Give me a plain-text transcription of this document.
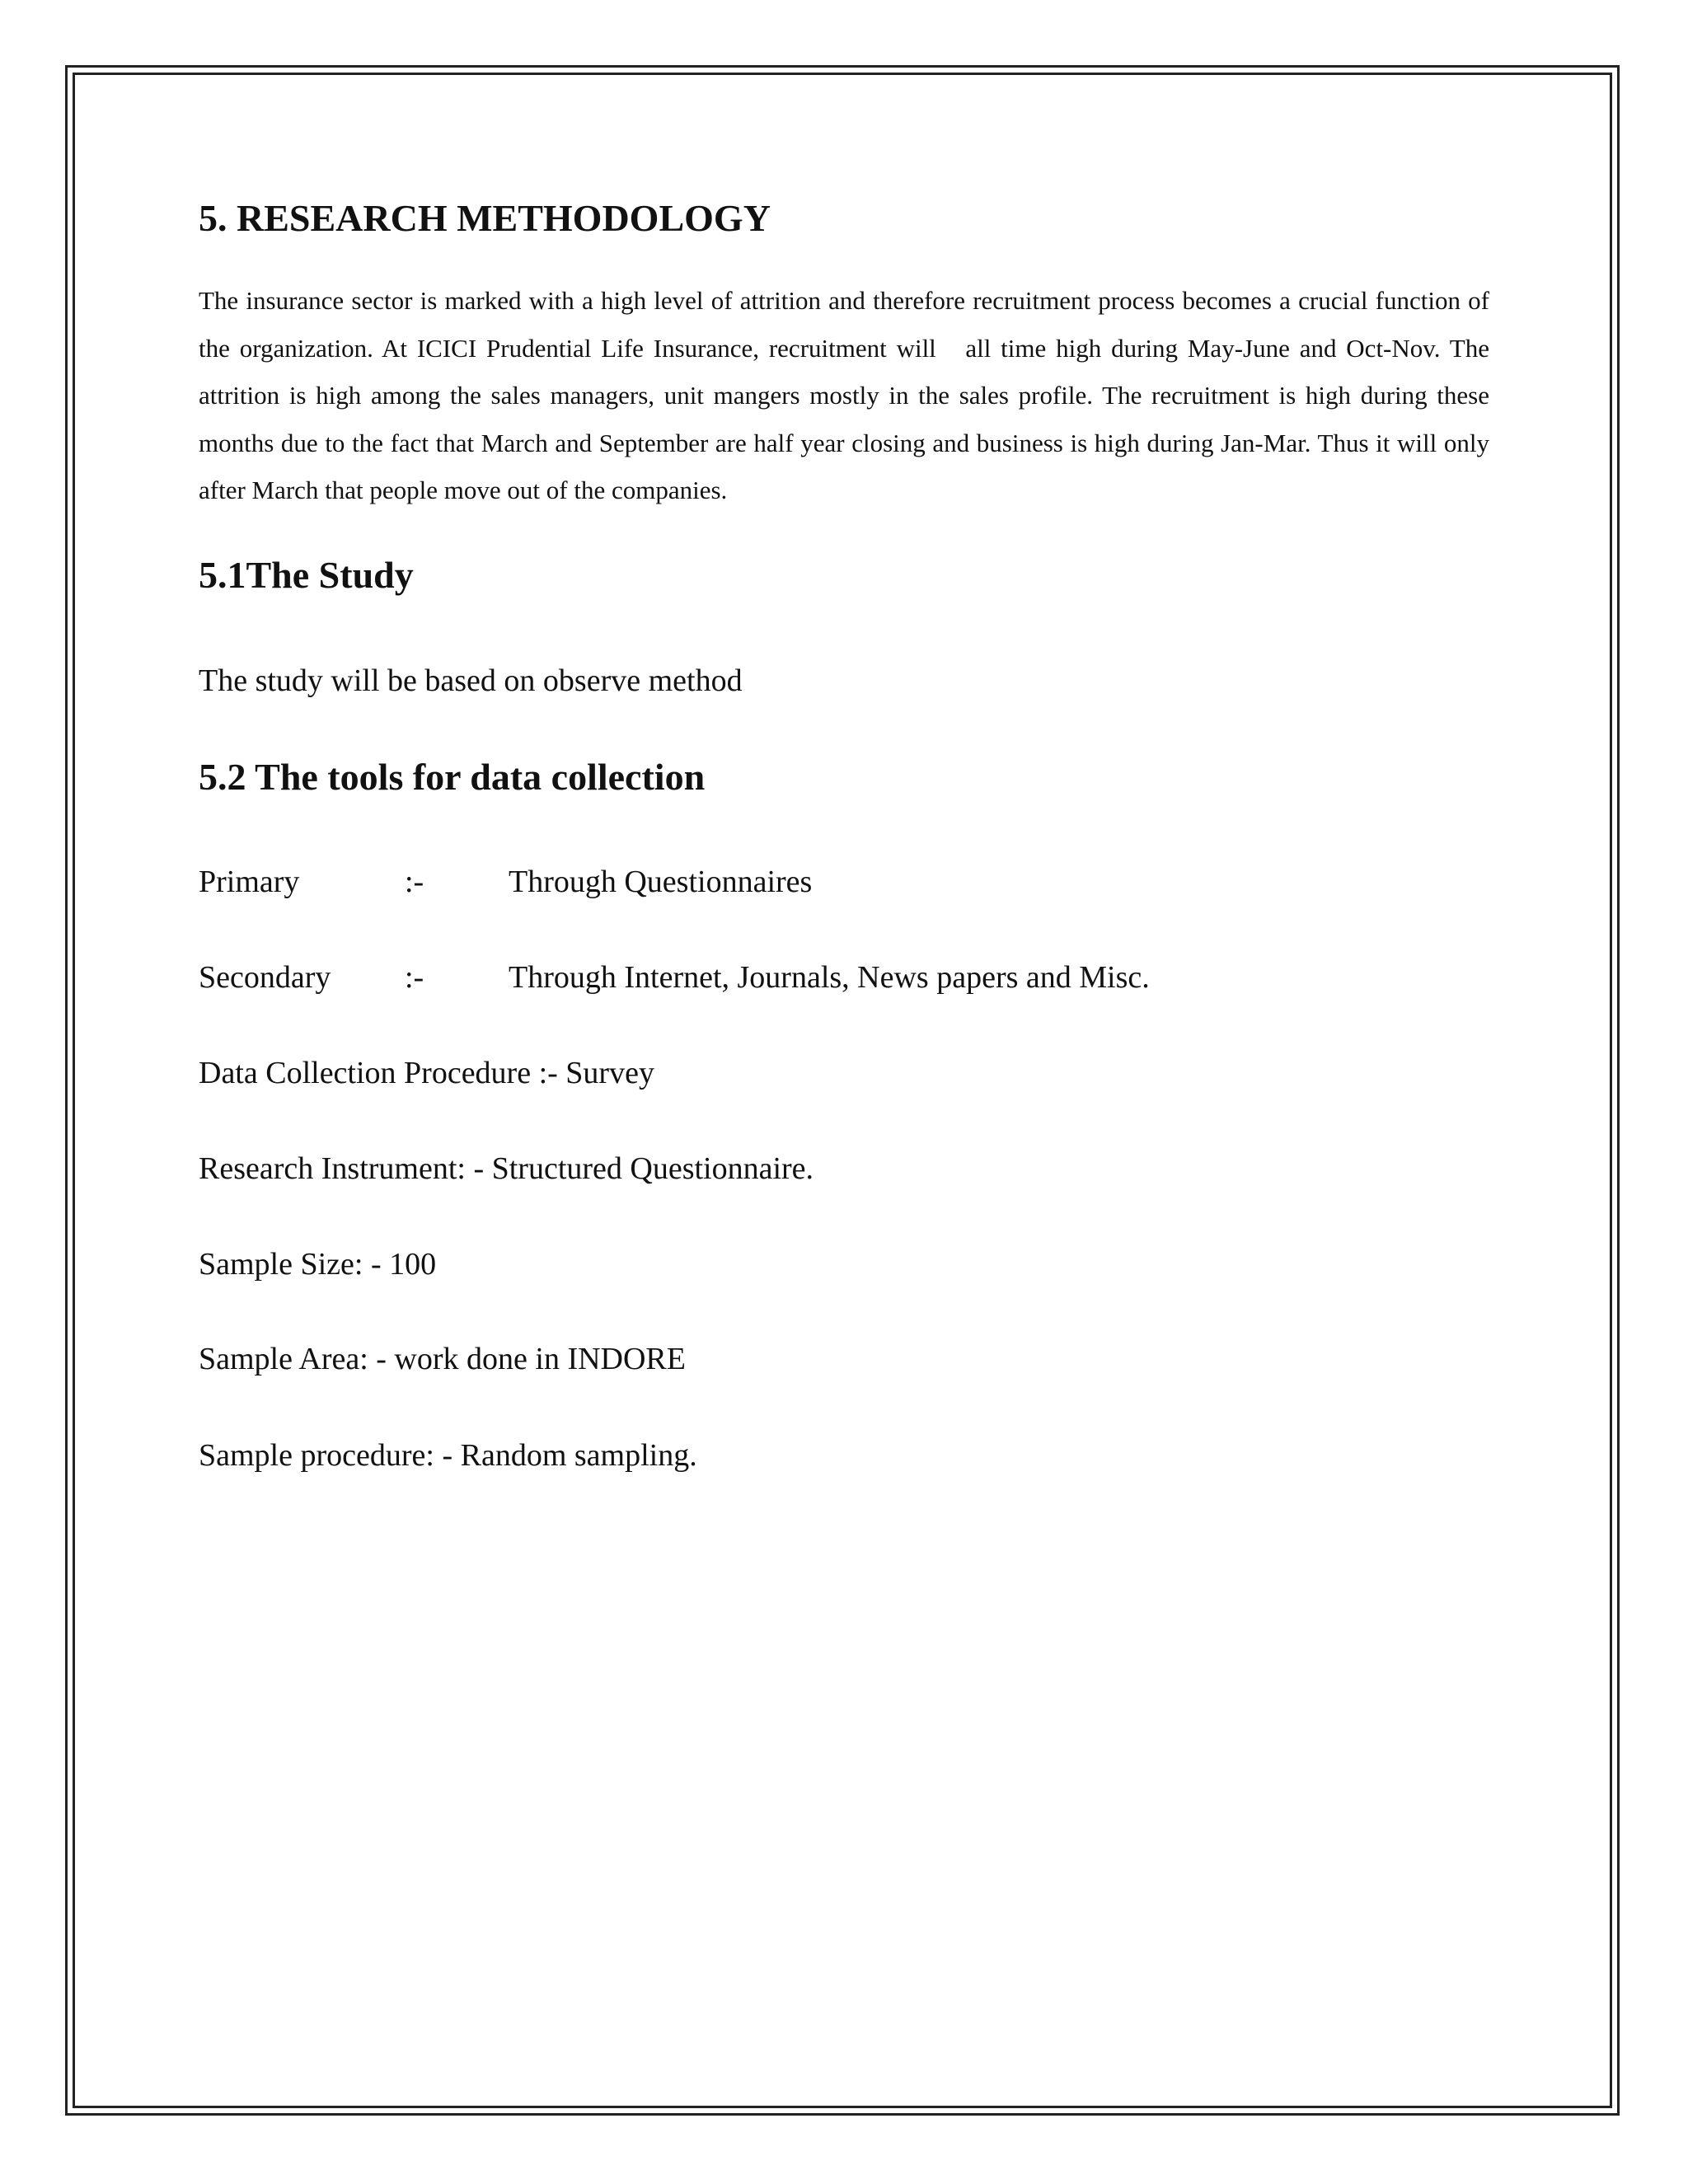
5. RESEARCH METHODOLOGY

The insurance sector is marked with a high level of attrition and therefore recruitment process becomes a crucial function of the organization. At ICICI Prudential Life Insurance, recruitment will   all time high during May-June and Oct-Nov. The attrition is high among the sales managers, unit mangers mostly in the sales profile. The recruitment is high during these months due to the fact that March and September are half year closing and business is high during Jan-Mar. Thus it will only after March that people move out of the companies.

5.1The Study

The study will be based on observe method

5.2 The tools for data collection
Primary	:-	Through Questionnaires
Secondary :-	Through Internet, Journals, News papers and Misc.

Data Collection Procedure :- Survey

Research Instrument: - Structured Questionnaire.

Sample Size: - 100

Sample Area: - work done in INDORE

Sample procedure: - Random sampling.
